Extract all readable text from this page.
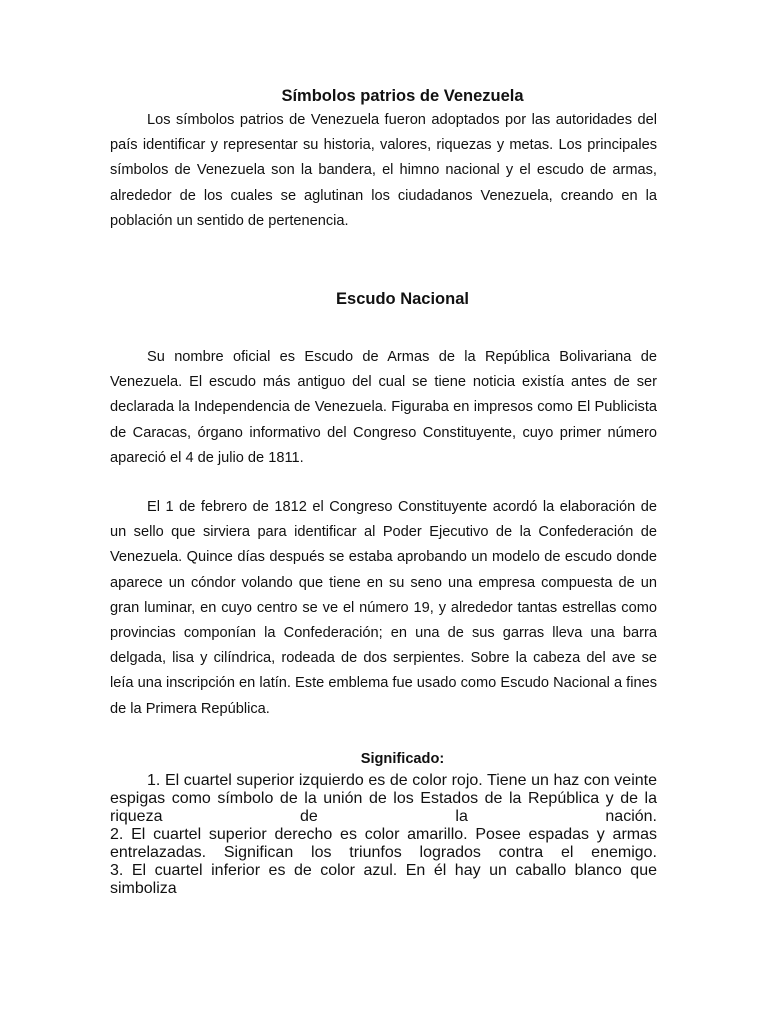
Símbolos patrios de Venezuela

Los símbolos patrios de Venezuela fueron adoptados por las autoridades del país identificar y representar su historia, valores, riquezas y metas. Los principales símbolos de Venezuela son la bandera, el himno nacional y el escudo de armas, alrededor de los cuales se aglutinan los ciudadanos Venezuela, creando en la población un sentido de pertenencia.

Escudo Nacional

Su nombre oficial es Escudo de Armas de la República Bolivariana de Venezuela. El escudo más antiguo del cual se tiene noticia existía antes de ser declarada la Independencia de Venezuela. Figuraba en impresos como El Publicista de Caracas, órgano informativo del Congreso Constituyente, cuyo primer número apareció el 4 de julio de 1811.

El 1 de febrero de 1812 el Congreso Constituyente acordó la elaboración de un sello que sirviera para identificar al Poder Ejecutivo de la Confederación de Venezuela. Quince días después se estaba aprobando un modelo de escudo donde aparece un cóndor volando que tiene en su seno una empresa compuesta de un gran luminar, en cuyo centro se ve el número 19, y alrededor tantas estrellas como provincias componían la Confederación; en una de sus garras lleva una barra delgada, lisa y cilíndrica, rodeada de dos serpientes. Sobre la cabeza del ave se leía una inscripción en latín. Este emblema fue usado como Escudo Nacional a fines de la Primera República.

Significado:
1. El cuartel superior izquierdo es de color rojo. Tiene un haz con veinte
espigas como símbolo de la unión de los Estados de la República y de la
riqueza de la nación.
2. El cuartel superior derecho es color amarillo. Posee espadas y armas
entrelazadas. Significan los triunfos logrados contra el enemigo.
3. El cuartel inferior es de color azul. En él hay un caballo blanco que simboliza
